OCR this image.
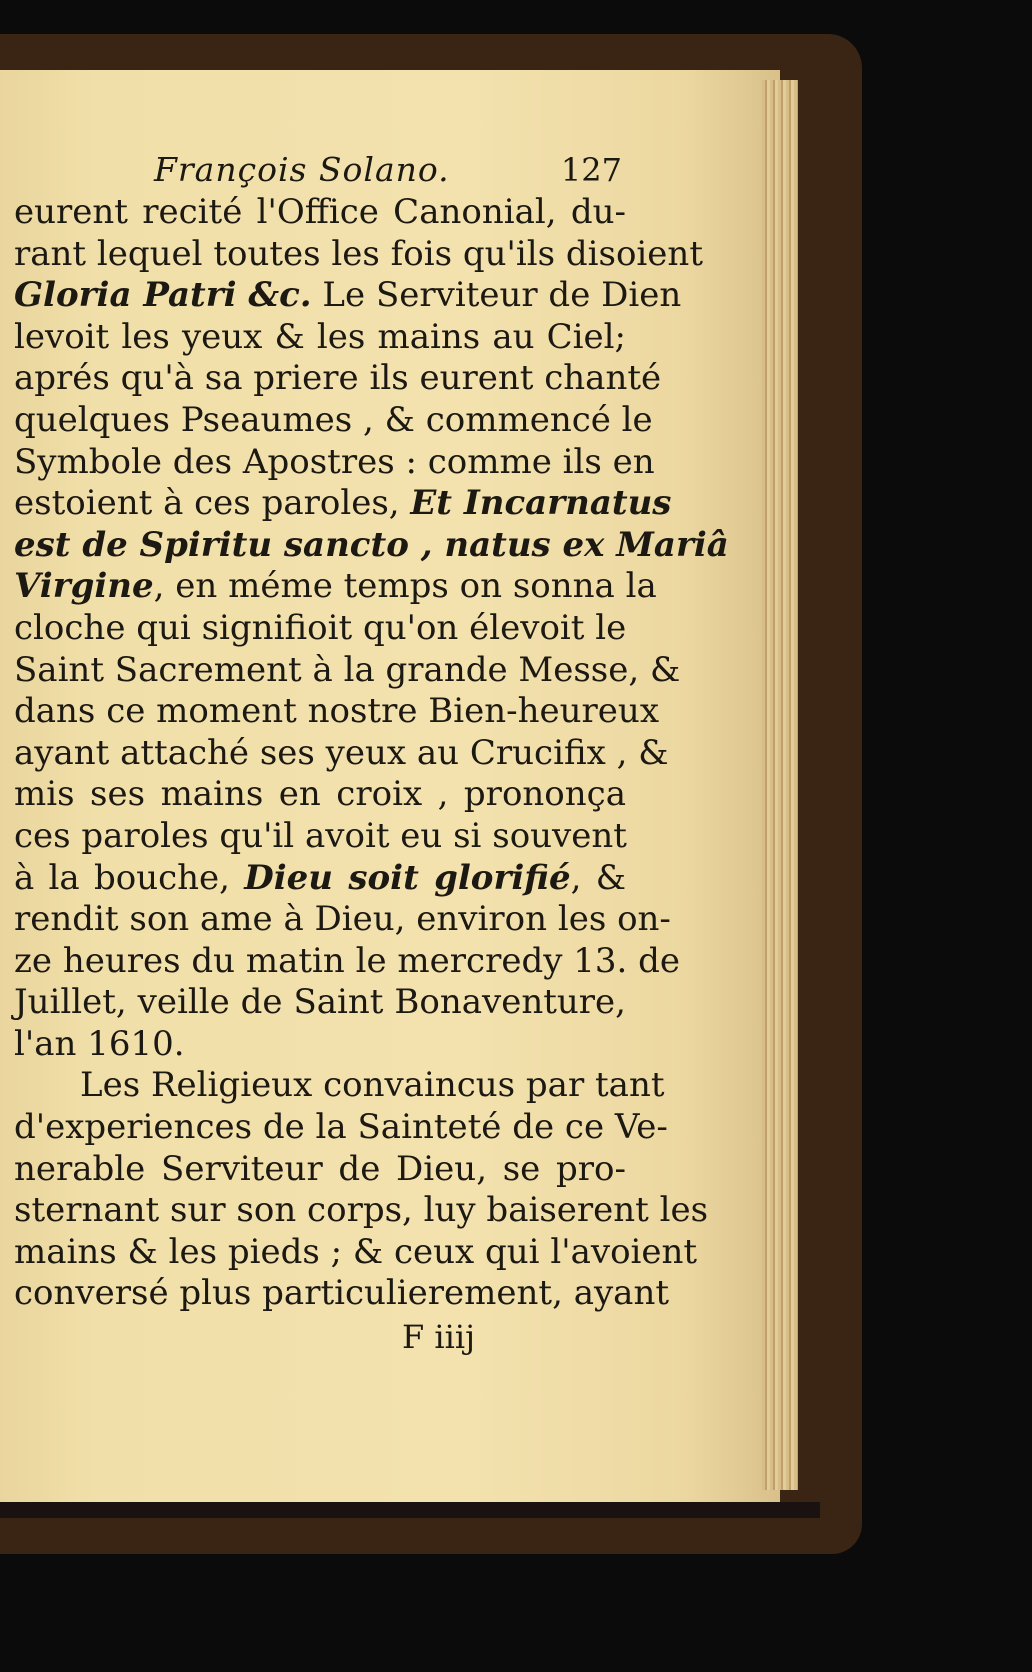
François Solano.	127
eurent recité l'Office Canonial, du-
rant lequel toutes les fois qu'ils disoient
Gloria Patri &c. Le Serviteur de Dien
levoit les yeux & les mains au Ciel;
aprés qu'à sa priere ils eurent chanté
quelques Pseaumes , & commencé le
Symbole des Apostres : comme ils en
estoient à ces paroles, Et Incarnatus
est de Spiritu sancto , natus ex Mariâ
Virgine, en méme temps on sonna la
cloche qui signifioit qu'on élevoit le
Saint Sacrement à la grande Messe, &
dans ce moment nostre Bien-heureux
ayant attaché ses yeux au Crucifix , &
mis ses mains en croix , prononça
ces paroles qu'il avoit eu si souvent
à la bouche, Dieu soit glorifié, &
rendit son ame à Dieu, environ les on-
ze heures du matin le mercredy 13. de
Juillet, veille de Saint Bonaventure,
l'an 1610.
Les Religieux convaincus par tant
d'experiences de la Sainteté de ce Ve-
nerable Serviteur de Dieu, se pro-
sternant sur son corps, luy baiserent les
mains & les pieds ; & ceux qui l'avoient
conversé plus particulierement, ayant
F iiij
